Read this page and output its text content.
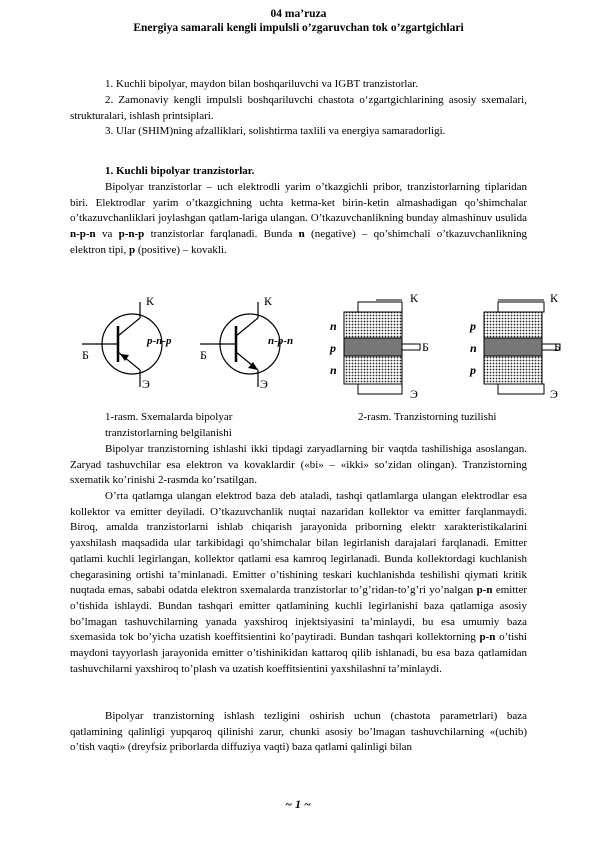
04 ma’ruza
Energiya samarali kengli impulsli o’zgaruvchan tok o’zgartgichlari
1. Kuchli bipolyar, maydon bilan boshqariluvchi va IGBT tranzistorlar.
2. Zamonaviy kengli impulsli boshqariluvchi chastota o‘zgartgichlarining asosiy sxemalari, strukturalari, ishlash printsiplari.
3. Ular (SHIM)ning afzalliklari, solishtirma taxlili va energiya samaradorligi.
1. Kuchli bipolyar tranzistorlar.
Bipolyar tranzistorlar – uch elektrodli yarim o’tkazgichli pribor, tranzistorlarning tiplaridan biri. Elektrodlar yarim o’tkazgichning uchta ketma-ket birin-ketin almashadigan qo’shimchalar o’tkazuvchanliklari joylashgan qatlam-lariga ulangan. O’tkazuvchanlikning bunday almashinuv usulida n-p-n va p-n-p tranzistorlar farqlanadi. Bunda n (negative) – qo’shimchali o’tkazuvchanlikning elektron tipi, p (positive) – kovakli.
К
Б
Э
p-n-p
К
Б
Э
n-p-n
n
p
n
К
Б
Э
p
n
p
К
Б
Э
1-rasm. Sxemalarda bipolyar
tranzistorlarning belgilanishi
2-rasm. Tranzistorning tuzilishi
Bipolyar tranzistorning ishlashi ikki tipdagi zaryadlarning bir vaqtda tashilishiga asoslangan. Zaryad tashuvchilar esa elektron va kovaklardir («bi» – «ikki» so’zidan olingan). Tranzistorning sxematik ko’rinishi 2-rasmda ko’rsatilgan.
O’rta qatlamga ulangan elektrod baza deb ataladi, tashqi qatlamlarga ulangan elektrodlar esa kollektor va emitter deyiladi. O’tkazuvchanlik nuqtai nazaridan kollektor va emitter farqlanmaydi. Biroq, amalda tranzistorlarni ishlab chiqarish jarayonida priborning elektr xarakteristikalarini yaxshilash maqsadida ular tarkibidagi qo’shimchalar bilan legirlanish darajalari farqlanadi. Emitter qatlami kuchli legirlangan, kollektor qatlami esa kamroq legirlanadi. Bunda kollektordagi kuchlanish chegarasining ortishi ta’minlanadi. Emitter o’tishining teskari kuchlanishda teshilishi qiymati kritik nuqtada emas, sababi odatda elektron sxemalarda tranzistorlar to’g’ridan-to’g’ri yo’nalgan p-n emitter o’tishida ishlaydi. Bundan tashqari emitter qatlamining kuchli legirlanishi baza qatlamiga asosiy bo’lmagan tashuvchilarning yanada yaxshiroq injektsiyasini ta’minlaydi, bu esa umumiy baza sxemasida tok bo’yicha uzatish koeffitsientini ko’paytiradi. Bundan tashqari kollektorning p-n o’tishi maydoni tayyorlash jarayonida emitter o’tishinikidan kattaroq qilib ishlanadi, bu esa baza qatlamidan tashuvchilarni yaxshiroq to’plash va uzatish koeffitsientini yaxshilashni ta’minlaydi.
Bipolyar tranzistorning ishlash tezligini oshirish uchun (chastota parametrlari) baza qatlamining qalinligi yupqaroq qilinishi zarur, chunki asosiy bo’lmagan tashuvchilarning «(uchib) o’tish vaqti» (dreyfsiz priborlarda diffuziya vaqti) baza qatlami qalinligi bilan
~ 1 ~
